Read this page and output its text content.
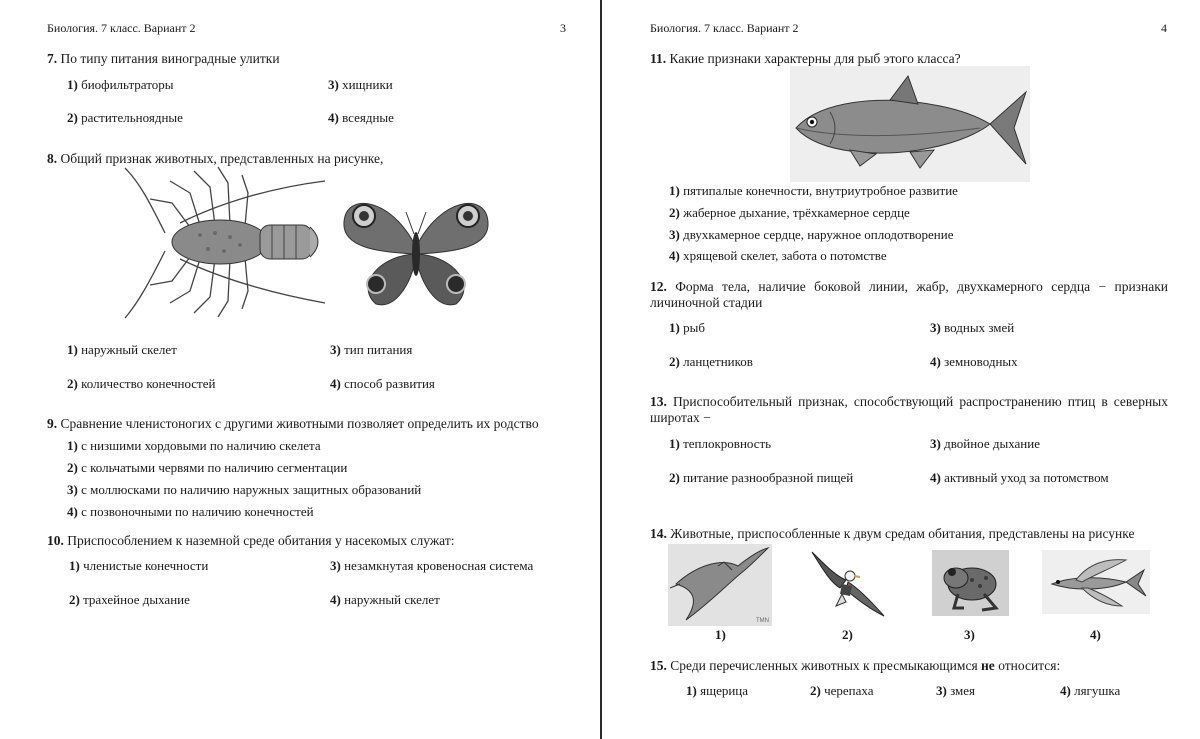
Биология. 7 класс. Вариант 2	3
7. По типу питания виноградные улитки
1) биофильтраторы
2) растительноядные
3) хищники
4) всеядные
8. Общий признак животных, представленных на рисунке,
1) наружный скелет
2) количество конечностей
3) тип питания
4) способ развития
9. Сравнение членистоногих с другими животными позволяет определить их родство
1) с низшими хордовыми по наличию скелета
2) с кольчатыми червями по наличию сегментации
3) с моллюсками по наличию наружных защитных образований
4) с позвоночными по наличию конечностей
10. Приспособлением к наземной среде обитания у насекомых служат:
1) членистые конечности
2) трахейное дыхание
3) незамкнутая кровеносная система
4) наружный скелет
Биология. 7 класс. Вариант 2	4
11. Какие признаки характерны для рыб этого класса?
1) пятипалые конечности, внутриутробное развитие
2) жаберное дыхание, трёхкамерное сердце
3) двухкамерное сердце, наружное оплодотворение
4) хрящевой скелет, забота о потомстве
12. Форма тела, наличие боковой линии, жабр, двухкамерного сердца − признаки личиночной стадии
1) рыб
2) ланцетников
3) водных змей
4) земноводных
13. Приспособительный признак, способствующий распространению птиц в северных широтах −
1) теплокровность
2) питание разнообразной пищей
3) двойное дыхание
4) активный уход за потомством
14. Животные, приспособленные к двум средам обитания, представлены на рисунке
TMN
1)	2)	3)	4)
15. Среди перечисленных животных к пресмыкающимся не относится:
1) ящерица	2) черепаха	3) змея	4) лягушка
